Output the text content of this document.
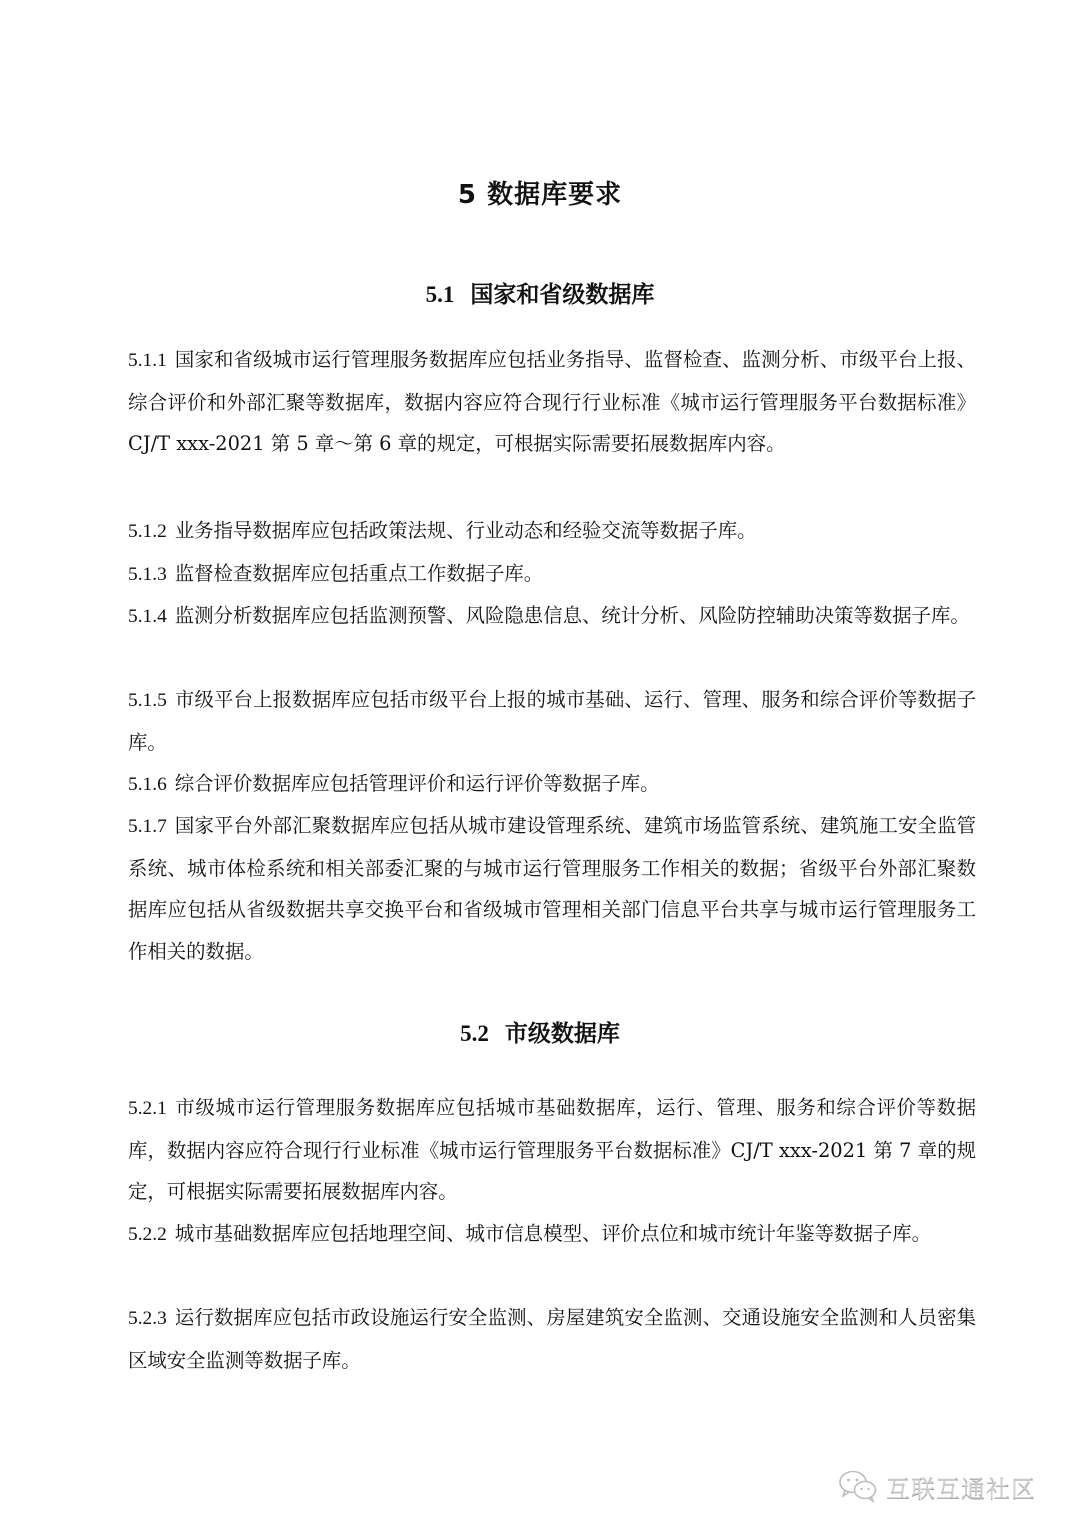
5 数据库要求
5.1 国家和省级数据库
5.1.1 国家和省级城市运行管理服务数据库应包括业务指导、监督检查、监测分析、市级平台上报、综合评价和外部汇聚等数据库，数据内容应符合现行行业标准《城市运行管理服务平台数据标准》CJ/T xxx-2021 第 5 章～第 6 章的规定，可根据实际需要拓展数据库内容。
5.1.2 业务指导数据库应包括政策法规、行业动态和经验交流等数据子库。
5.1.3 监督检查数据库应包括重点工作数据子库。
5.1.4 监测分析数据库应包括监测预警、风险隐患信息、统计分析、风险防控辅助决策等数据子库。
5.1.5 市级平台上报数据库应包括市级平台上报的城市基础、运行、管理、服务和综合评价等数据子库。
5.1.6 综合评价数据库应包括管理评价和运行评价等数据子库。
5.1.7 国家平台外部汇聚数据库应包括从城市建设管理系统、建筑市场监管系统、建筑施工安全监管系统、城市体检系统和相关部委汇聚的与城市运行管理服务工作相关的数据；省级平台外部汇聚数据库应包括从省级数据共享交换平台和省级城市管理相关部门信息平台共享与城市运行管理服务工作相关的数据。
5.2 市级数据库
5.2.1 市级城市运行管理服务数据库应包括城市基础数据库，运行、管理、服务和综合评价等数据库，数据内容应符合现行行业标准《城市运行管理服务平台数据标准》CJ/T xxx-2021 第 7 章的规定，可根据实际需要拓展数据库内容。
5.2.2 城市基础数据库应包括地理空间、城市信息模型、评价点位和城市统计年鉴等数据子库。
5.2.3 运行数据库应包括市政设施运行安全监测、房屋建筑安全监测、交通设施安全监测和人员密集区域安全监测等数据子库。
互联互通社区
